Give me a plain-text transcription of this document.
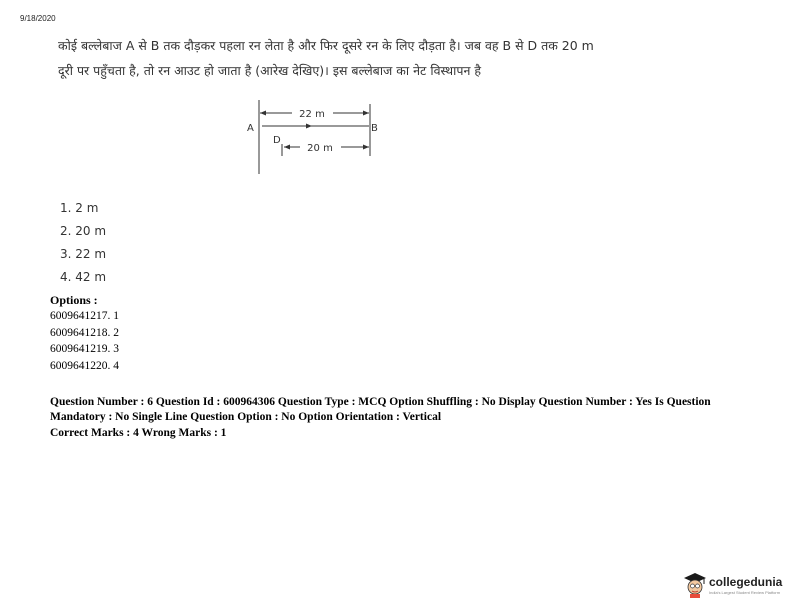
9/18/2020
कोई बल्लेबाज A से B तक दौड़कर पहला रन लेता है और फिर दूसरे रन के लिए दौड़ता है। जब वह B से D तक 20 m
दूरी पर पहुँचता है, तो रन आउट हो जाता है (आरेख देखिए)। इस बल्लेबाज का नेट विस्थापन है
22 m
20 m
A	B
D
1. 2 m
2. 20 m
3. 22 m
4. 42 m
Options :
6009641217. 1
6009641218. 2
6009641219. 3
6009641220. 4
Question Number : 6 Question Id : 600964306 Question Type : MCQ Option Shuffling : No Display Question Number : Yes Is Question
Mandatory : No Single Line Question Option : No Option Orientation : Vertical
Correct Marks : 4 Wrong Marks : 1
collegedunia
India's Largest Student Review Platform
